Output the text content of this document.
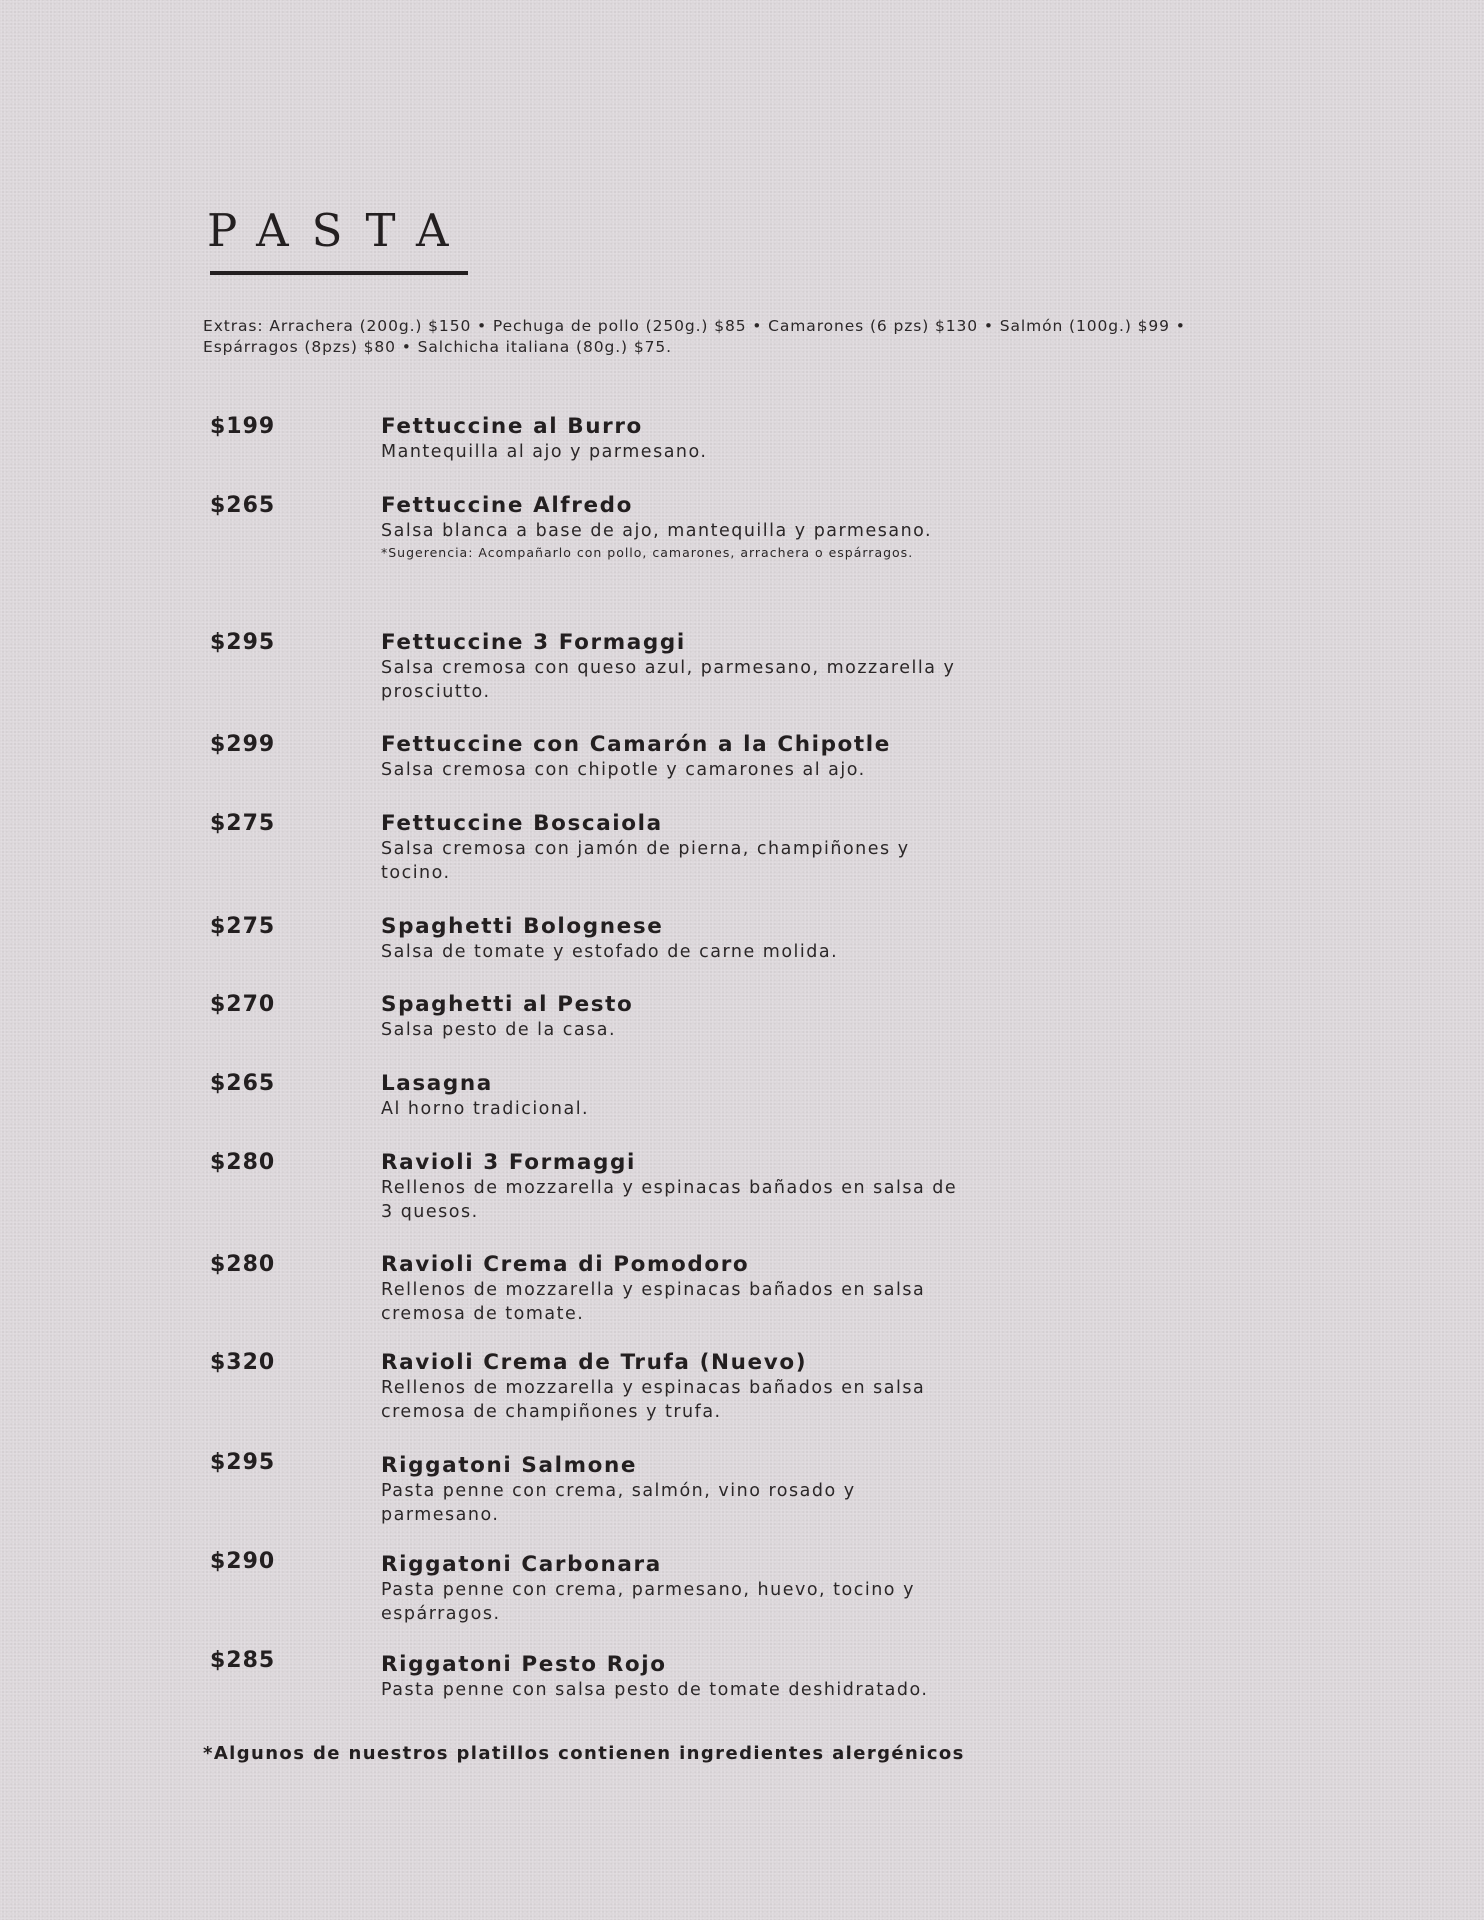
PASTA

Extras: Arrachera (200g.) $150 • Pechuga de pollo (250g.) $85 • Camarones (6 pzs) $130 • Salmón (100g.) $99 • Espárragos (8pzs) $80 • Salchicha italiana (80g.) $75.

$199	Fettuccine al Burro
Mantequilla al ajo y parmesano.
$265	Fettuccine Alfredo
Salsa blanca a base de ajo, mantequilla y parmesano.
*Sugerencia: Acompañarlo con pollo, camarones, arrachera o espárragos.
$295	Fettuccine 3 Formaggi
Salsa cremosa con queso azul, parmesano, mozzarella y prosciutto.
$299	Fettuccine con Camarón a la Chipotle
Salsa cremosa con chipotle y camarones al ajo.
$275	Fettuccine Boscaiola
Salsa cremosa con jamón de pierna, champiñones y tocino.
$275	Spaghetti Bolognese
Salsa de tomate y estofado de carne molida.
$270	Spaghetti al Pesto
Salsa pesto de la casa.
$265	Lasagna
Al horno tradicional.
$280	Ravioli 3 Formaggi
Rellenos de mozzarella y espinacas bañados en salsa de 3 quesos.
$280	Ravioli Crema di Pomodoro
Rellenos de mozzarella y espinacas bañados en salsa cremosa de tomate.
$320	Ravioli Crema de Trufa (Nuevo)
Rellenos de mozzarella y espinacas bañados en salsa cremosa de champiñones y trufa.
$295	Riggatoni Salmone
Pasta penne con crema, salmón, vino rosado y parmesano.
$290	Riggatoni Carbonara
Pasta penne con crema, parmesano, huevo, tocino y espárragos.
$285	Riggatoni Pesto Rojo
Pasta penne con salsa pesto de tomate deshidratado.

*Algunos de nuestros platillos contienen ingredientes alergénicos
